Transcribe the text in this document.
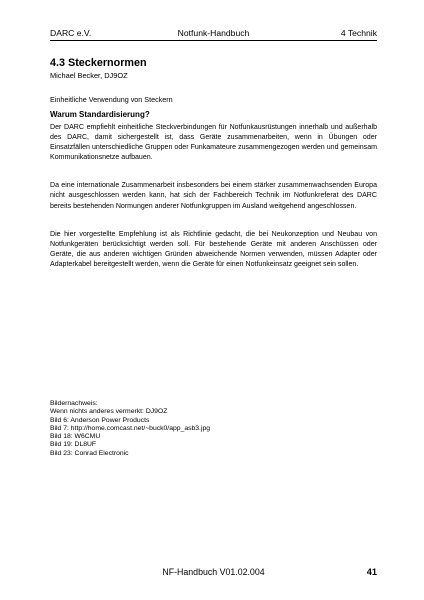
DARC e.V.	Notfunk-Handbuch	4 Technik
4.3 Steckernormen

Michael Becker, DJ9OZ

Einheitliche Verwendung von Steckern

Warum Standardisierung?

Der DARC empfiehlt einheitliche Steckverbindungen für Notfunkausrüstungen innerhalb und außerhalb des DARC, damit sichergestellt ist, dass Geräte zusammenarbeiten, wenn in Übungen oder Einsatzfällen unterschiedliche Gruppen oder Funkamateure zusammengezogen werden und gemeinsam Kommunikationsnetze aufbauen.

Da eine internationale Zusammenarbeit insbesonders bei einem stärker zusammenwachsenden Europa nicht ausgeschlossen werden kann, hat sich der Fachbereich Technik im Notfunkreferat des DARC bereits bestehenden Normungen anderer Notfunkgruppen im Ausland weitgehend angeschlossen.

Die hier vorgestellte Empfehlung ist als Richtlinie gedacht, die bei Neukonzeption und Neubau von Notfunkgeräten berücksichtigt werden soll. Für bestehende Geräte mit anderen Anschüssen oder Geräte, die aus anderen wichtigen Gründen abweichende Normen verwenden, müssen Adapter oder Adapterkabel bereitgestellt werden, wenn die Geräte für einen Notfunkeinsatz geeignet sein sollen.

Bildernachweis:
Wenn nichts anderes vermerkt: DJ9OZ
Bild 6: Anderson Power Products
Bild 7: http://home.comcast.net/~buck0/app_asb3.jpg
Bild 18: W6CMU
Bild 19: DL8UF
Bild 23: Conrad Electronic
NF-Handbuch V01.02.004	41
